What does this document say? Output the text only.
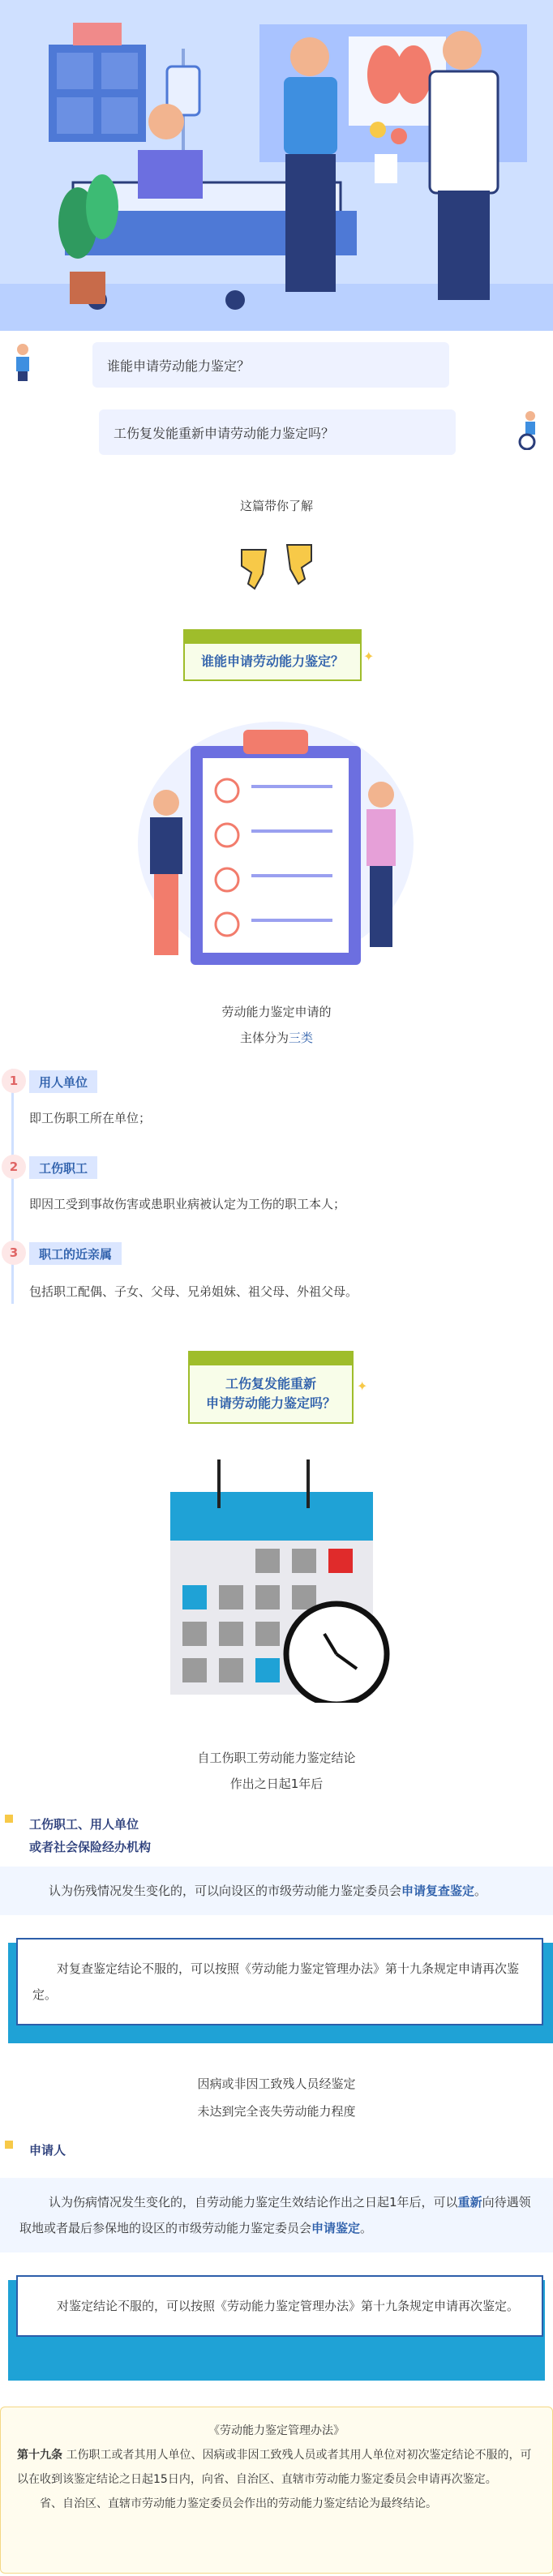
谁能申请劳动能力鉴定？
工伤复发能重新申请劳动能力鉴定吗？
这篇带你了解
谁能申请劳动能力鉴定？ ✦
劳动能力鉴定申请的
主体分为三类
1	用人单位
即工伤职工所在单位；
2	工伤职工
即因工受到事故伤害或患职业病被认定为工伤的职工本人；
3	职工的近亲属
包括职工配偶、子女、父母、兄弟姐妹、祖父母、外祖父母。
工伤复发能重新
申请劳动能力鉴定吗？
✦
自工伤职工劳动能力鉴定结论
作出之日起1年后
工伤职工、用人单位
或者社会保险经办机构
认为伤残情况发生变化的，可以向设区的市级劳动能力鉴定委员会申请复查鉴定。
对复查鉴定结论不服的，可以按照《劳动能力鉴定管理办法》第十九条规定申请再次鉴定。
因病或非因工致残人员经鉴定
未达到完全丧失劳动能力程度
申请人
认为伤病情况发生变化的，自劳动能力鉴定生效结论作出之日起1年后，可以重新向待遇领取地或者最后参保地的设区的市级劳动能力鉴定委员会申请鉴定。
对鉴定结论不服的，可以按照《劳动能力鉴定管理办法》第十九条规定申请再次鉴定。
《劳动能力鉴定管理办法》
第十九条 工伤职工或者其用人单位、因病或非因工致残人员或者其用人单位对初次鉴定结论不服的，可以在收到该鉴定结论之日起15日内，向省、自治区、直辖市劳动能力鉴定委员会申请再次鉴定。
省、自治区、直辖市劳动能力鉴定委员会作出的劳动能力鉴定结论为最终结论。
